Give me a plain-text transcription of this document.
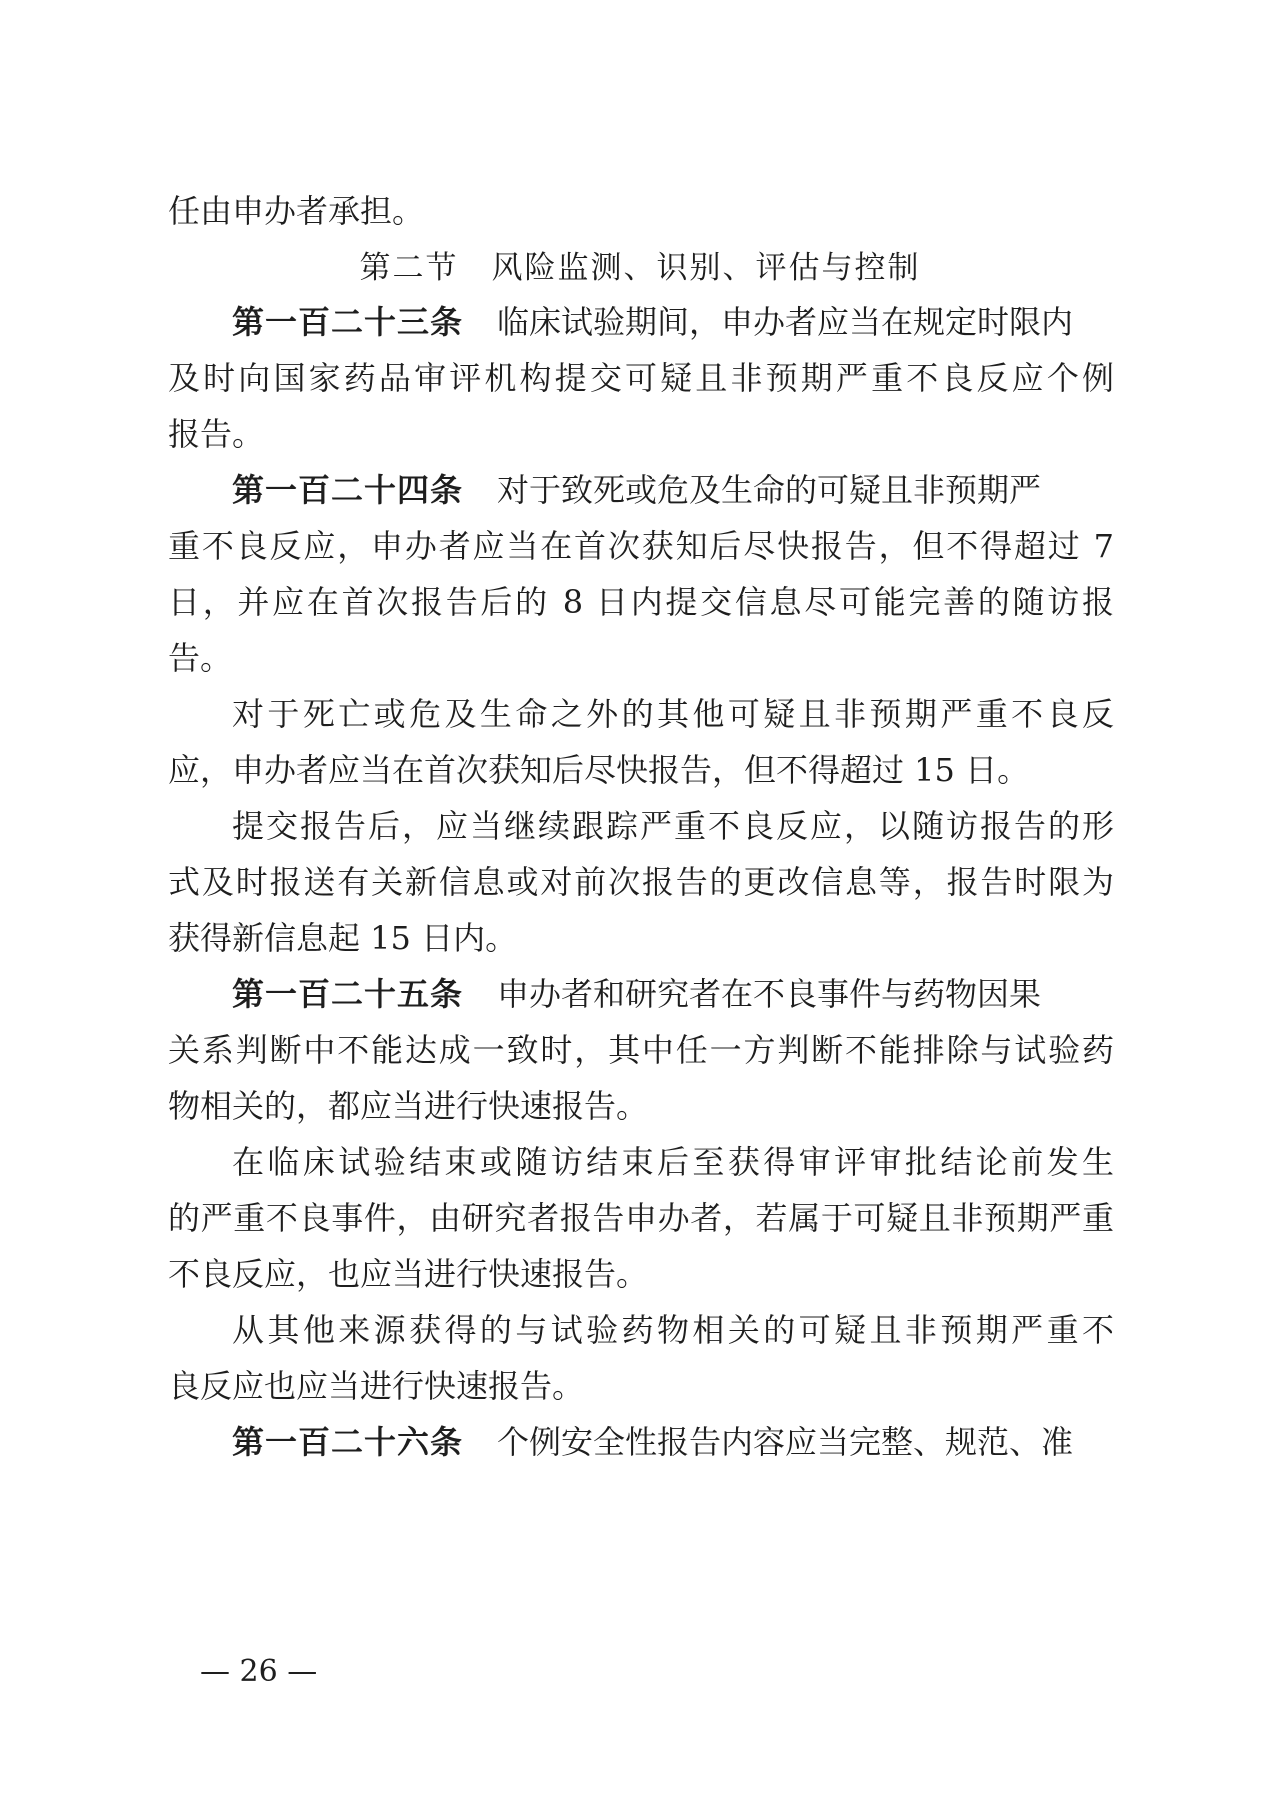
任由申办者承担。
第二节　风险监测、识别、评估与控制
第一百二十三条 临床试验期间，申办者应当在规定时限内
及时向国家药品审评机构提交可疑且非预期严重不良反应个例
报告。
第一百二十四条 对于致死或危及生命的可疑且非预期严
重不良反应，申办者应当在首次获知后尽快报告，但不得超过 7
日，并应在首次报告后的 8 日内提交信息尽可能完善的随访报
告。
对于死亡或危及生命之外的其他可疑且非预期严重不良反
应，申办者应当在首次获知后尽快报告，但不得超过 15 日。
提交报告后，应当继续跟踪严重不良反应，以随访报告的形
式及时报送有关新信息或对前次报告的更改信息等，报告时限为
获得新信息起 15 日内。
第一百二十五条 申办者和研究者在不良事件与药物因果
关系判断中不能达成一致时，其中任一方判断不能排除与试验药
物相关的，都应当进行快速报告。
在临床试验结束或随访结束后至获得审评审批结论前发生
的严重不良事件，由研究者报告申办者，若属于可疑且非预期严重
不良反应，也应当进行快速报告。
从其他来源获得的与试验药物相关的可疑且非预期严重不
良反应也应当进行快速报告。
第一百二十六条 个例安全性报告内容应当完整、规范、准
— 26 —
